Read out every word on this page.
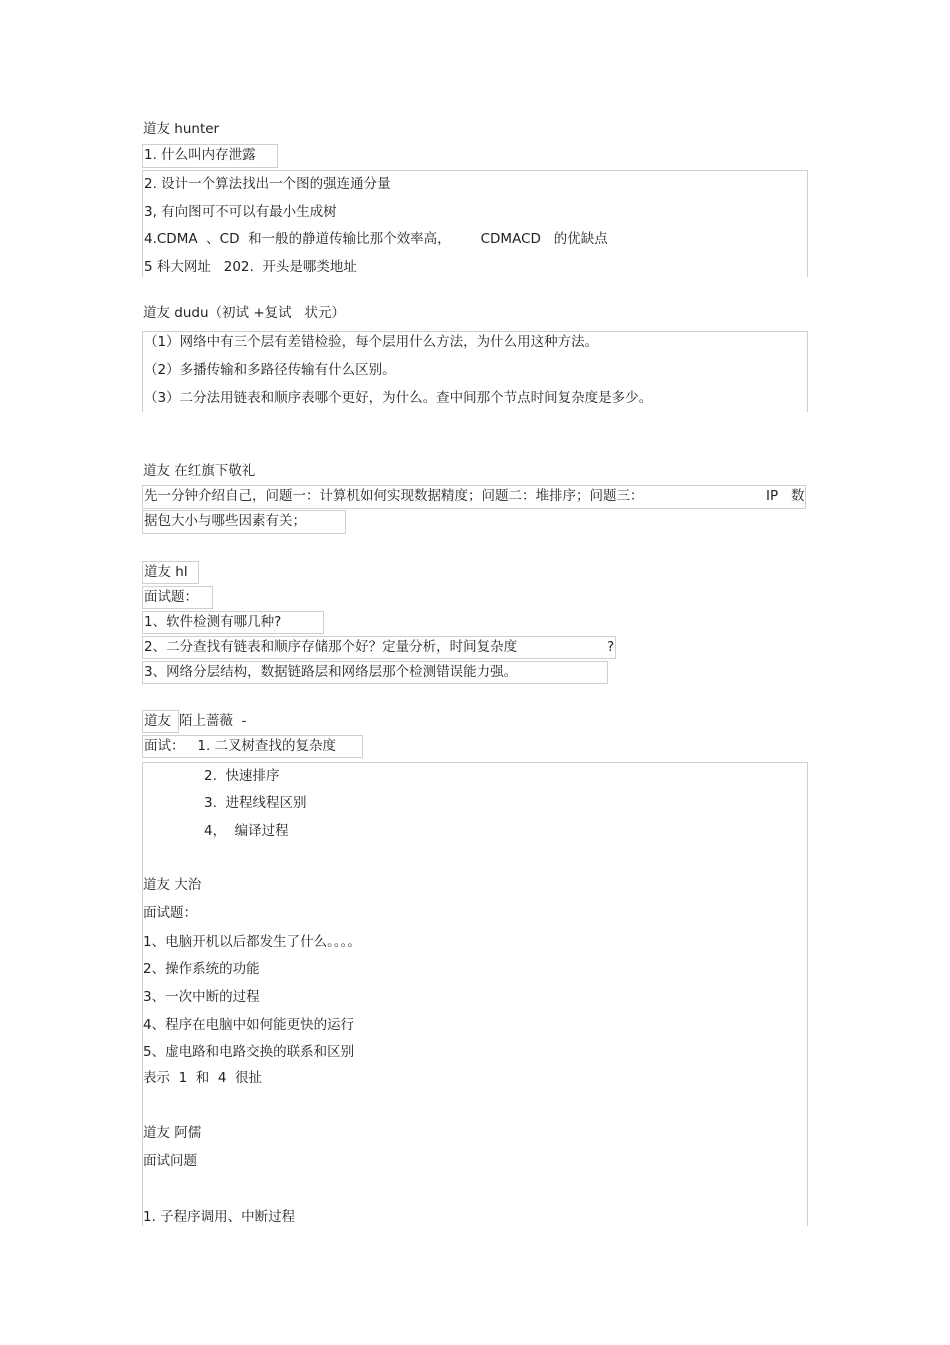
道友 hunter
1. 什么叫内存泄露
2. 设计一个算法找出一个图的强连通分量
3, 有向图可不可以有最小生成树
4.CDMA  、CD  和一般的静道传输比那个效率高，       CDMACD   的优缺点
5 科大网址   202.  开头是哪类地址
道友 dudu（初试 +复试   状元）
（1）网络中有三个层有差错检验，每个层用什么方法，为什么用这种方法。
（2）多播传输和多路径传输有什么区别。
（3）二分法用链表和顺序表哪个更好，为什么。查中间那个节点时间复杂度是多少。
道友 在红旗下敬礼
先一分钟介绍自己，问题一：计算机如何实现数据精度；问题二：堆排序；问题三：	IP 数
据包大小与哪些因素有关；
道友 hl
面试题：
1、软件检测有哪几种?
2、二分查找有链表和顺序存储那个好？定量分析，时间复杂度	?
3、网络分层结构，数据链路层和网络层那个检测错误能力强。
道友 陌上蔷薇  -
面试：   1. 二叉树查找的复杂度
2.  快速排序
3.  进程线程区别
4，  编译过程
道友 大治
面试题：
1、电脑开机以后都发生了什么。。。。
2、操作系统的功能
3、一次中断的过程
4、程序在电脑中如何能更快的运行
5、虚电路和电路交换的联系和区别
表示  1  和  4  很扯
道友 阿儒
面试问题
1. 子程序调用、中断过程
